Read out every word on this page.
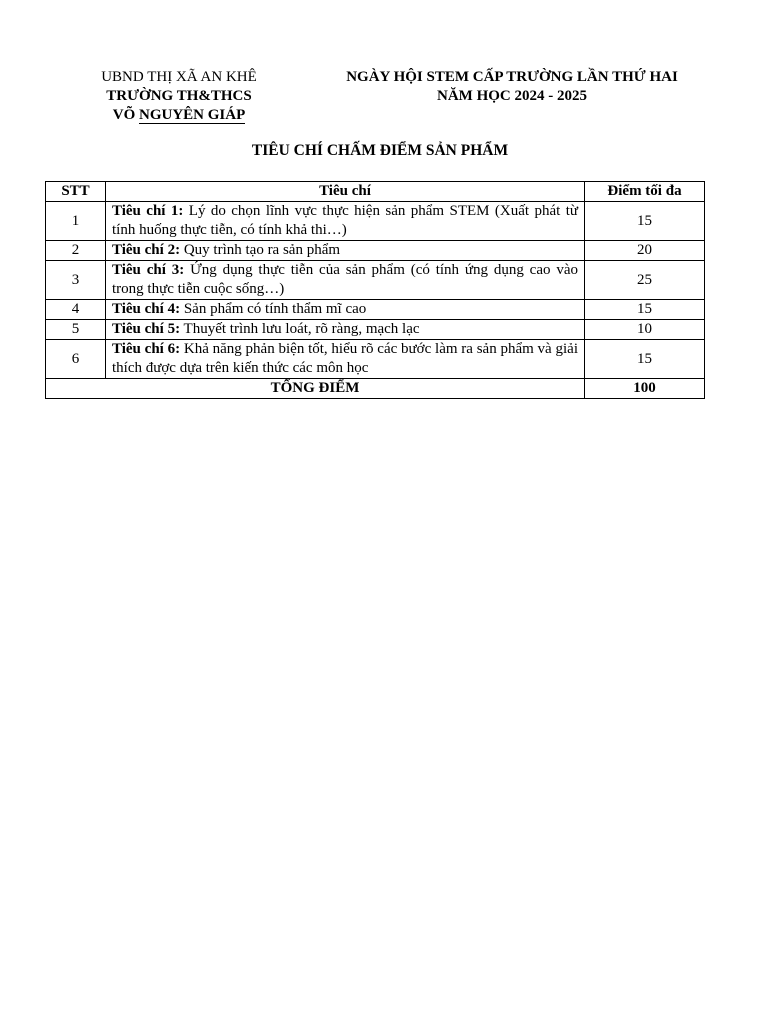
UBND THỊ XÃ AN KHÊ
TRƯỜNG TH&THCS
VÕ NGUYÊN GIÁP
NGÀY HỘI STEM CẤP TRƯỜNG LẦN THỨ HAI
NĂM HỌC 2024 - 2025
TIÊU CHÍ CHẤM ĐIỂM SẢN PHẨM
STT	Tiêu chí	Điểm tối đa
1	Tiêu chí 1: Lý do chọn lĩnh vực thực hiện sản phẩm STEM (Xuất phát từ tính huống thực tiễn, có tính khả thi…)	15
2	Tiêu chí 2: Quy trình tạo ra sản phẩm	20
3	Tiêu chí 3: Ứng dụng thực tiễn của sản phẩm (có tính ứng dụng cao vào trong thực tiễn cuộc sống…)	25
4	Tiêu chí 4: Sản phẩm có tính thẩm mĩ cao	15
5	Tiêu chí 5: Thuyết trình lưu loát, rõ ràng, mạch lạc	10
6	Tiêu chí 6: Khả năng phản biện tốt, hiểu rõ các bước làm ra sản phẩm và giải thích được dựa trên kiến thức các môn học	15
TỔNG ĐIỂM		100
